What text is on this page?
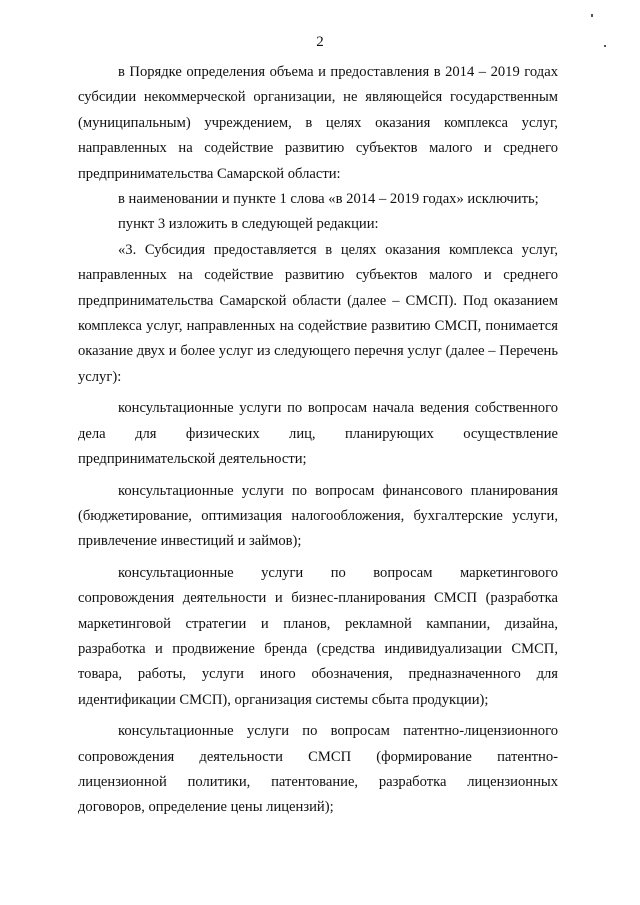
2

в Порядке определения объема и предоставления в 2014 – 2019 годах субсидии некоммерческой организации, не являющейся государственным (муниципальным) учреждением, в целях оказания комплекса услуг, направленных на содействие развитию субъектов малого и среднего предпринимательства Самарской области:

в наименовании и пункте 1 слова «в 2014 – 2019 годах» исключить;

пункт 3 изложить в следующей редакции:

«3. Субсидия предоставляется в целях оказания комплекса услуг, направленных на содействие развитию субъектов малого и среднего предпринимательства Самарской области (далее – СМСП). Под оказанием комплекса услуг, направленных на содействие развитию СМСП, понимается оказание двух и более услуг из следующего перечня услуг (далее – Перечень услуг):

консультационные услуги по вопросам начала ведения собственного дела для физических лиц, планирующих осуществление предпринимательской деятельности;

консультационные услуги по вопросам финансового планирования (бюджетирование, оптимизация налогообложения, бухгалтерские услуги, привлечение инвестиций и займов);

консультационные услуги по вопросам маркетингового сопровождения деятельности и бизнес-планирования СМСП (разработка маркетинговой стратегии и планов, рекламной кампании, дизайна, разработка и продвижение бренда (средства индивидуализации СМСП, товара, работы, услуги иного обозначения, предназначенного для идентификации СМСП), организация системы сбыта продукции);

консультационные услуги по вопросам патентно-лицензионного сопровождения деятельности СМСП (формирование патентно-лицензионной политики, патентование, разработка лицензионных договоров, определение цены лицензий);
